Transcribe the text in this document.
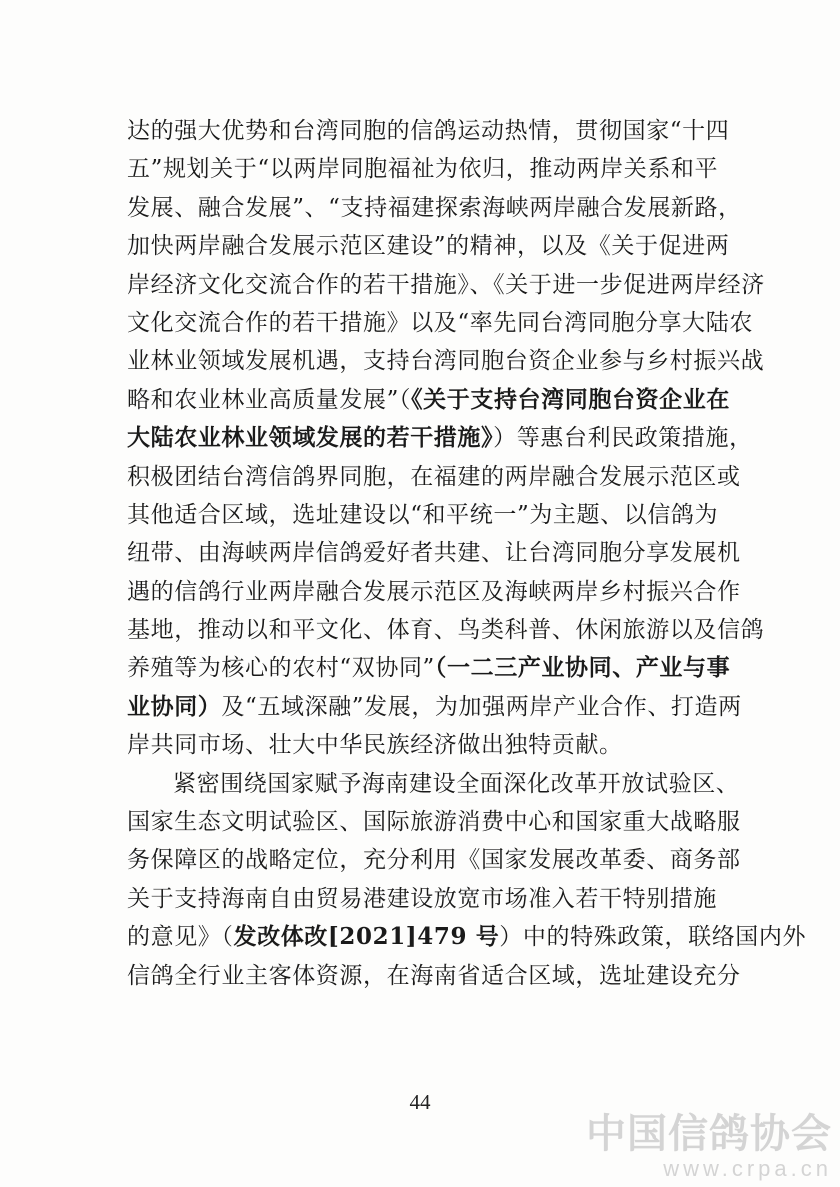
达的强大优势和台湾同胞的信鸽运动热情，贯彻国家“十四
五”规划关于“以两岸同胞福祉为依归，推动两岸关系和平
发展、融合发展”、“支持福建探索海峡两岸融合发展新路，
加快两岸融合发展示范区建设”的精神，以及《关于促进两
岸经济文化交流合作的若干措施》、《关于进一步促进两岸经济
文化交流合作的若干措施》以及“率先同台湾同胞分享大陆农
业林业领域发展机遇，支持台湾同胞台资企业参与乡村振兴战
略和农业林业高质量发展”（《关于支持台湾同胞台资企业在
大陆农业林业领域发展的若干措施》）等惠台利民政策措施，
积极团结台湾信鸽界同胞，在福建的两岸融合发展示范区或
其他适合区域，选址建设以“和平统一”为主题、以信鸽为
纽带、由海峡两岸信鸽爱好者共建、让台湾同胞分享发展机
遇的信鸽行业两岸融合发展示范区及海峡两岸乡村振兴合作
基地，推动以和平文化、体育、鸟类科普、休闲旅游以及信鸽
养殖等为核心的农村“双协同”（一二三产业协同、产业与事
业协同）及“五域深融”发展，为加强两岸产业合作、打造两
岸共同市场、壮大中华民族经济做出独特贡献。
紧密围绕国家赋予海南建设全面深化改革开放试验区、
国家生态文明试验区、国际旅游消费中心和国家重大战略服
务保障区的战略定位，充分利用《国家发展改革委、商务部
关于支持海南自由贸易港建设放宽市场准入若干特别措施
的意见》（发改体改[2021]479 号）中的特殊政策，联络国内外
信鸽全行业主客体资源，在海南省适合区域，选址建设充分
44
中国信鸽协会
www.crpa.cn
